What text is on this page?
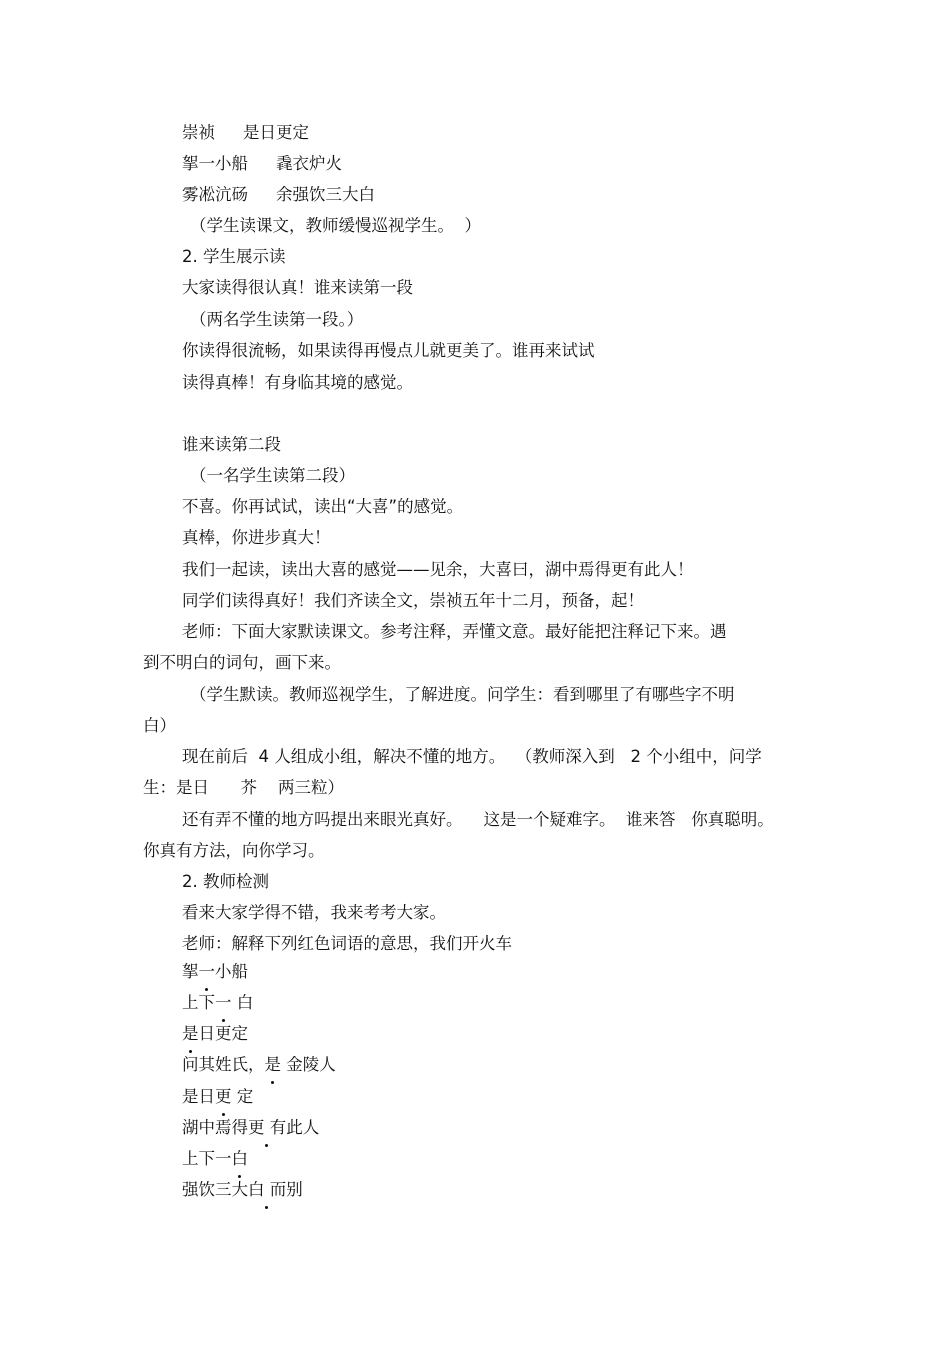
崇祯 是日更定
挐一小船 毳衣炉火
雾凇沆砀 余强饮三大白
（学生读课文，教师缓慢巡视学生。  ）
2. 学生展示读
大家读得很认真！谁来读第一段
（两名学生读第一段。）
你读得很流畅，如果读得再慢点儿就更美了。谁再来试试
读得真棒！有身临其境的感觉。
谁来读第二段
（一名学生读第二段）
不喜。你再试试，读出“大喜”的感觉。
真棒，你进步真大！
我们一起读，读出大喜的感觉——见余，大喜曰，湖中焉得更有此人！
同学们读得真好！我们齐读全文，崇祯五年十二月，预备，起！
老师：下面大家默读课文。参考注释，弄懂文意。最好能把注释记下来。遇
到不明白的词句，画下来。
（学生默读。教师巡视学生，了解进度。问学生：看到哪里了有哪些字不明
白）
现在前后  4 人组成小组，解决不懂的地方。  （教师深入到   2 个小组中，问学
生：是日      芥    两三粒）
还有弄不懂的地方吗提出来眼光真好。    这是一个疑难字。  谁来答   你真聪明。
你真有方法，向你学习。
2. 教师检测
看来大家学得不错，我来考考大家。
老师：解释下列红色词语的意思，我们开火车
挐一小船
上下一 白
是日更定
问其姓氏，是 金陵人
是日更 定
湖中焉得更 有此人
上下一白
强饮三大白 而别
